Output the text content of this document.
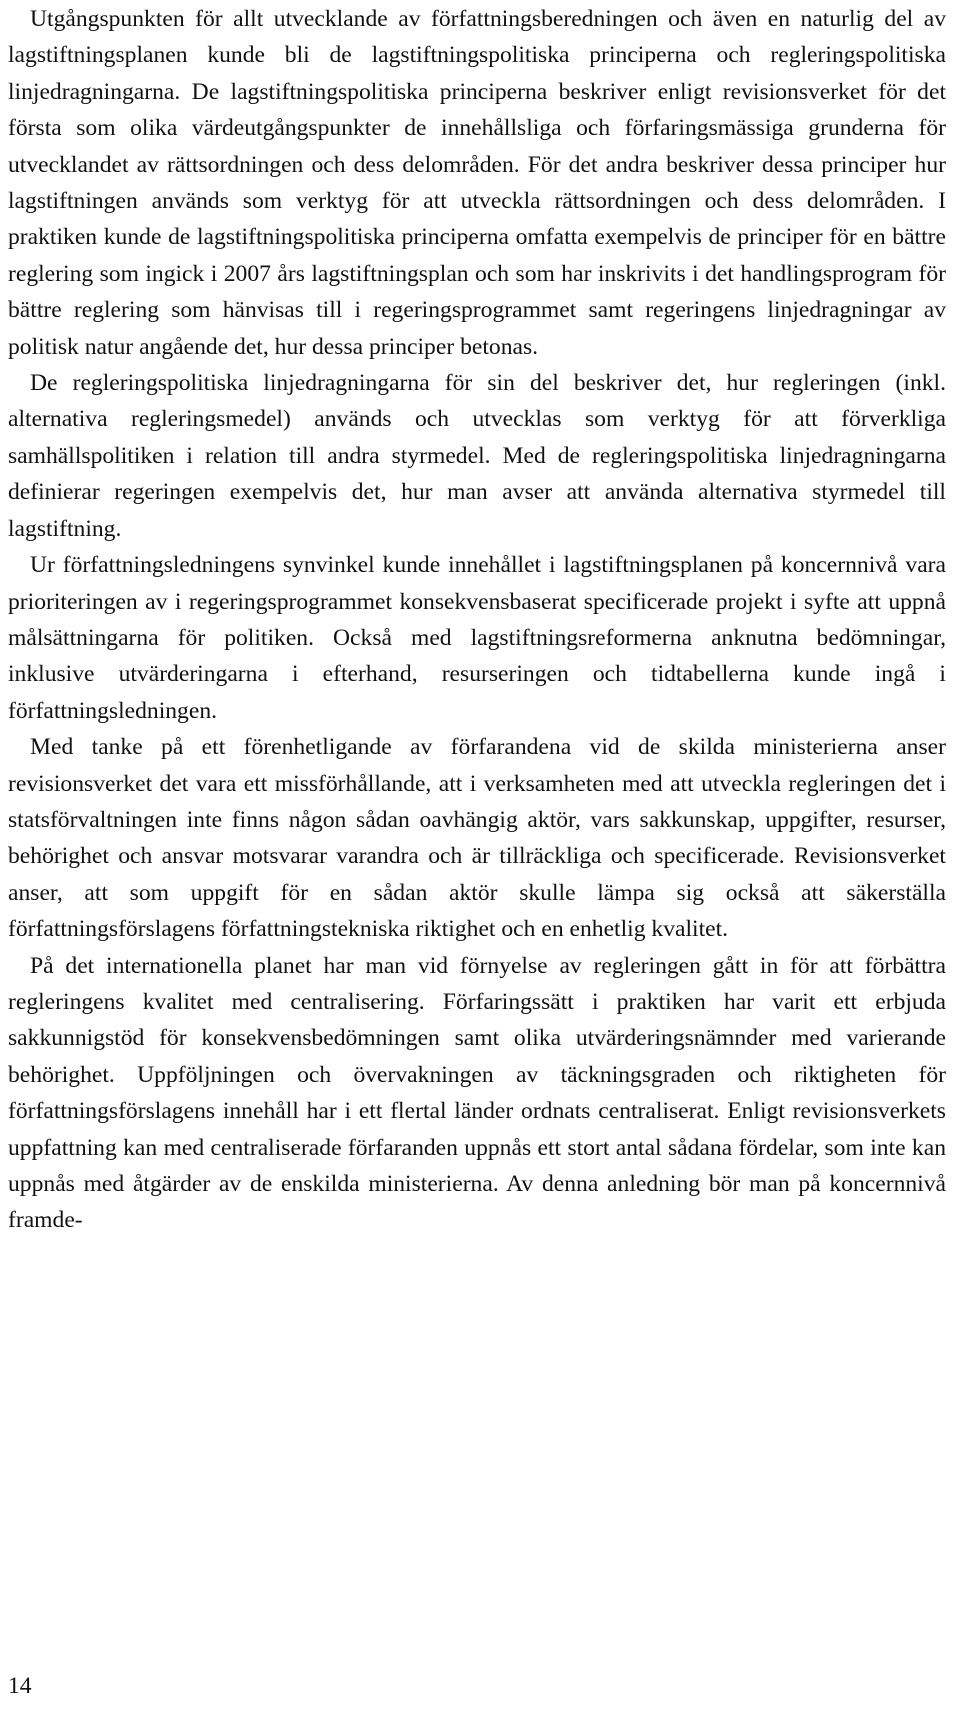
Utgångspunkten för allt utvecklande av författningsberedningen och även en naturlig del av lagstiftningsplanen kunde bli de lagstiftningspolitiska principerna och regleringspolitiska linjedragningarna. De lagstiftningspolitiska principerna beskriver enligt revisionsverket för det första som olika värdeutgångspunkter de innehållsliga och förfaringsmässiga grunderna för utvecklandet av rättsordningen och dess delområden. För det andra beskriver dessa principer hur lagstiftningen används som verktyg för att utveckla rättsordningen och dess delområden. I praktiken kunde de lagstiftningspolitiska principerna omfatta exempelvis de principer för en bättre reglering som ingick i 2007 års lagstiftningsplan och som har inskrivits i det handlingsprogram för bättre reglering som hänvisas till i regeringsprogrammet samt regeringens linjedragningar av politisk natur angående det, hur dessa principer betonas.

De regleringspolitiska linjedragningarna för sin del beskriver det, hur regleringen (inkl. alternativa regleringsmedel) används och utvecklas som verktyg för att förverkliga samhällspolitiken i relation till andra styrmedel. Med de regleringspolitiska linjedragningarna definierar regeringen exempelvis det, hur man avser att använda alternativa styrmedel till lagstiftning.

Ur författningsledningens synvinkel kunde innehållet i lagstiftningsplanen på koncernnivå vara prioriteringen av i regeringsprogrammet konsekvensbaserat specificerade projekt i syfte att uppnå målsättningarna för politiken. Också med lagstiftningsreformerna anknutna bedömningar, inklusive utvärderingarna i efterhand, resurseringen och tidtabellerna kunde ingå i författningsledningen.

Med tanke på ett förenhetligande av förfarandena vid de skilda ministerierna anser revisionsverket det vara ett missförhållande, att i verksamheten med att utveckla regleringen det i statsförvaltningen inte finns någon sådan oavhängig aktör, vars sakkunskap, uppgifter, resurser, behörighet och ansvar motsvarar varandra och är tillräckliga och specificerade. Revisionsverket anser, att som uppgift för en sådan aktör skulle lämpa sig också att säkerställa författningsförslagens författningstekniska riktighet och en enhetlig kvalitet.

På det internationella planet har man vid förnyelse av regleringen gått in för att förbättra regleringens kvalitet med centralisering. Förfaringssätt i praktiken har varit ett erbjuda sakkunnigstöd för konsekvensbedömningen samt olika utvärderingsnämnder med varierande behörighet. Uppföljningen och övervakningen av täckningsgraden och riktigheten för författningsförslagens innehåll har i ett flertal länder ordnats centraliserat. Enligt revisionsverkets uppfattning kan med centraliserade förfaranden uppnås ett stort antal sådana fördelar, som inte kan uppnås med åtgärder av de enskilda ministerierna. Av denna anledning bör man på koncernnivå framde-

14
